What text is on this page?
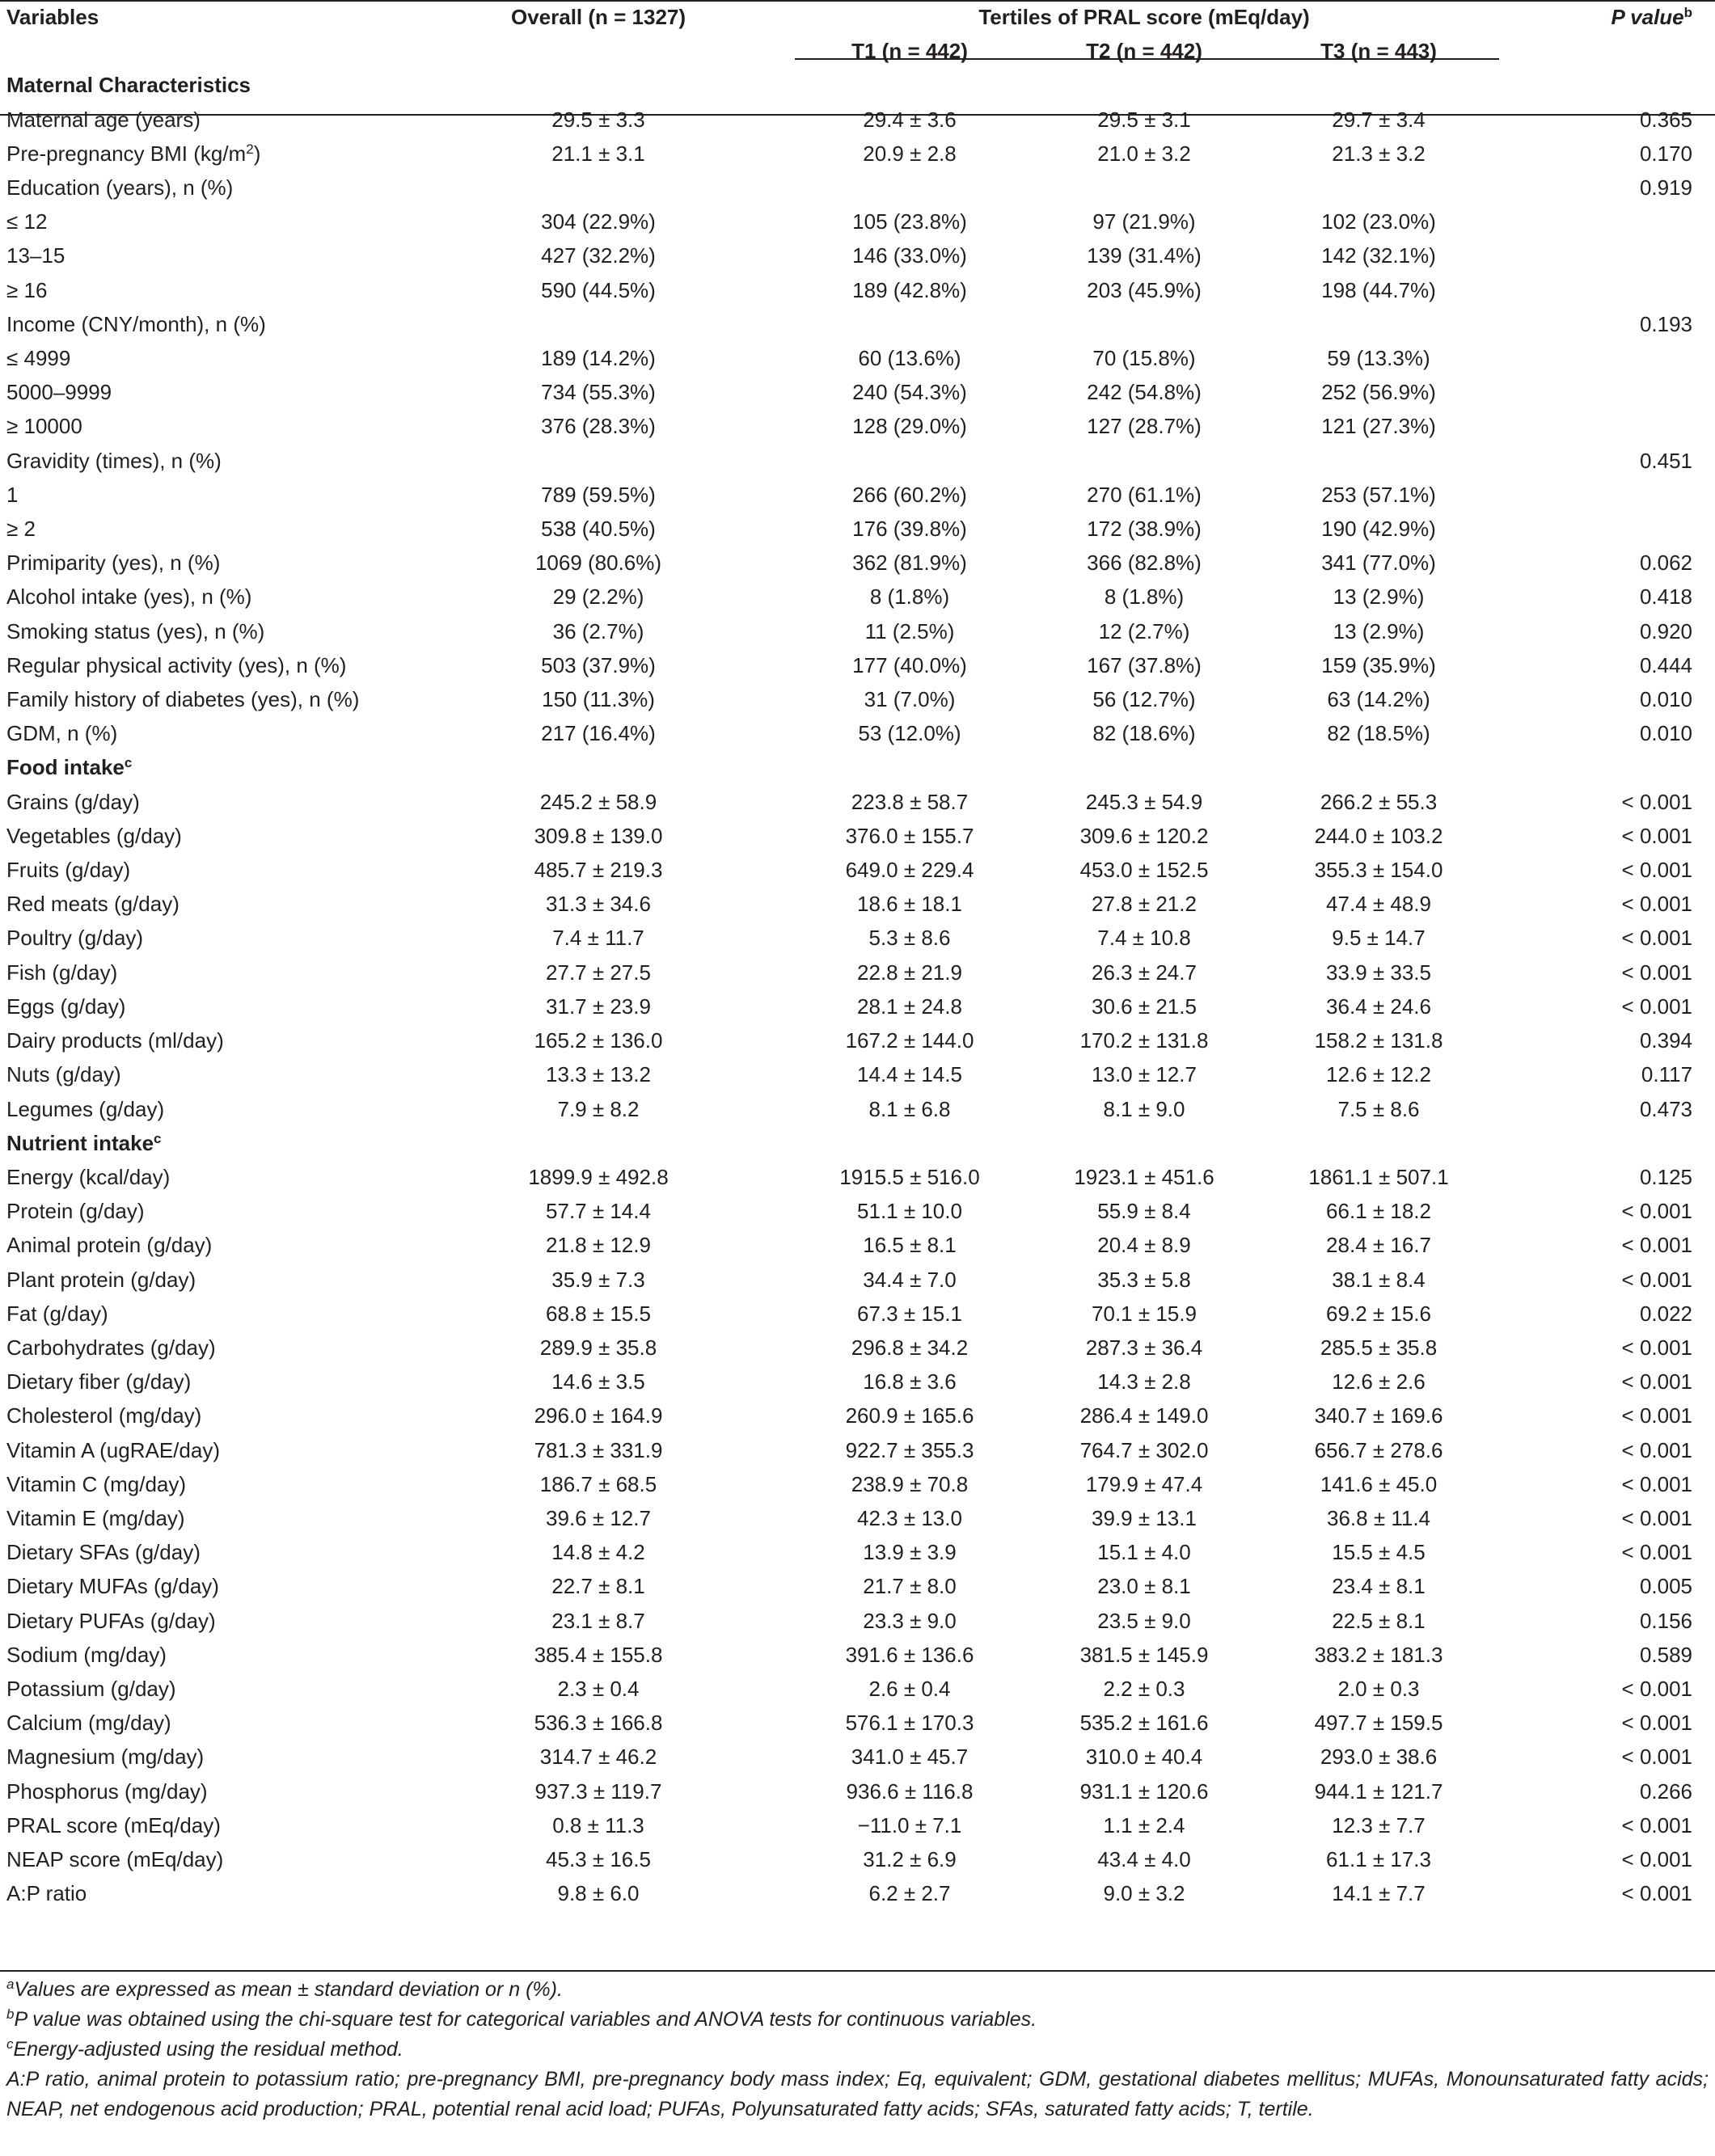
Variables	Overall (n = 1327)	Tertiles of PRAL score (mEq/day)			P value$^b$
		T1 (n = 442)	T2 (n = 442)	T3 (n = 443)	
Maternal Characteristics					
Maternal age (years)	29.5 ± 3.3	29.4 ± 3.6	29.5 ± 3.1	29.7 ± 3.4	0.365
Pre-pregnancy BMI $(kg/m^2)$	21.1 ± 3.1	20.9 ± 2.8	21.0 ± 3.2	21.3 ± 3.2	0.170
Education (years), n (%)					0.919
≤ 12	304 (22.9%)	105 (23.8%)	97 (21.9%)	102 (23.0%)	
13–15	427 (32.2%)	146 (33.0%)	139 (31.4%)	142 (32.1%)	
≥ 16	590 (44.5%)	189 (42.8%)	203 (45.9%)	198 (44.7%)	
Income (CNY/month), n (%)					0.193
≤ 4999	189 (14.2%)	60 (13.6%)	70 (15.8%)	59 (13.3%)	
5000–9999	734 (55.3%)	240 (54.3%)	242 (54.8%)	252 (56.9%)	
≥ 10000	376 (28.3%)	128 (29.0%)	127 (28.7%)	121 (27.3%)	
Gravidity (times), n (%)					0.451
1	789 (59.5%)	266 (60.2%)	270 (61.1%)	253 (57.1%)	
≥ 2	538 (40.5%)	176 (39.8%)	172 (38.9%)	190 (42.9%)	
Primiparity (yes), n (%)	1069 (80.6%)	362 (81.9%)	366 (82.8%)	341 (77.0%)	0.062
Alcohol intake (yes), n (%)	29 (2.2%)	8 (1.8%)	8 (1.8%)	13 (2.9%)	0.418
Smoking status (yes), n (%)	36 (2.7%)	11 (2.5%)	12 (2.7%)	13 (2.9%)	0.920
Regular physical activity (yes), n (%)	503 (37.9%)	177 (40.0%)	167 (37.8%)	159 (35.9%)	0.444
Family history of diabetes (yes), n (%)	150 (11.3%)	31 (7.0%)	56 (12.7%)	63 (14.2%)	0.010
GDM, n (%)	217 (16.4%)	53 (12.0%)	82 (18.6%)	82 (18.5%)	0.010
Food intake$^c$
Grains (g/day)	245.2 ± 58.9	223.8 ± 58.7	245.3 ± 54.9	266.2 ± 55.3	< 0.001
Vegetables (g/day)	309.8 ± 139.0	376.0 ± 155.7	309.6 ± 120.2	244.0 ± 103.2	< 0.001
Fruits (g/day)	485.7 ± 219.3	649.0 ± 229.4	453.0 ± 152.5	355.3 ± 154.0	< 0.001
Red meats (g/day)	31.3 ± 34.6	18.6 ± 18.1	27.8 ± 21.2	47.4 ± 48.9	< 0.001
Poultry (g/day)	7.4 ± 11.7	5.3 ± 8.6	7.4 ± 10.8	9.5 ± 14.7	< 0.001
Fish (g/day)	27.7 ± 27.5	22.8 ± 21.9	26.3 ± 24.7	33.9 ± 33.5	< 0.001
Eggs (g/day)	31.7 ± 23.9	28.1 ± 24.8	30.6 ± 21.5	36.4 ± 24.6	< 0.001
Dairy products (ml/day)	165.2 ± 136.0	167.2 ± 144.0	170.2 ± 131.8	158.2 ± 131.8	0.394
Nuts (g/day)	13.3 ± 13.2	14.4 ± 14.5	13.0 ± 12.7	12.6 ± 12.2	0.117
Legumes (g/day)	7.9 ± 8.2	8.1 ± 6.8	8.1 ± 9.0	7.5 ± 8.6	0.473
Nutrient intake$^c$
Energy (kcal/day)	1899.9 ± 492.8	1915.5 ± 516.0	1923.1 ± 451.6	1861.1 ± 507.1	0.125
Protein (g/day)	57.7 ± 14.4	51.1 ± 10.0	55.9 ± 8.4	66.1 ± 18.2	< 0.001
Animal protein (g/day)	21.8 ± 12.9	16.5 ± 8.1	20.4 ± 8.9	28.4 ± 16.7	< 0.001
Plant protein (g/day)	35.9 ± 7.3	34.4 ± 7.0	35.3 ± 5.8	38.1 ± 8.4	< 0.001
Fat (g/day)	68.8 ± 15.5	67.3 ± 15.1	70.1 ± 15.9	69.2 ± 15.6	0.022
Carbohydrates (g/day)	289.9 ± 35.8	296.8 ± 34.2	287.3 ± 36.4	285.5 ± 35.8	< 0.001
Dietary fiber (g/day)	14.6 ± 3.5	16.8 ± 3.6	14.3 ± 2.8	12.6 ± 2.6	< 0.001
Cholesterol (mg/day)	296.0 ± 164.9	260.9 ± 165.6	286.4 ± 149.0	340.7 ± 169.6	< 0.001
Vitamin A (ugRAE/day)	781.3 ± 331.9	922.7 ± 355.3	764.7 ± 302.0	656.7 ± 278.6	< 0.001
Vitamin C (mg/day)	186.7 ± 68.5	238.9 ± 70.8	179.9 ± 47.4	141.6 ± 45.0	< 0.001
Vitamin E (mg/day)	39.6 ± 12.7	42.3 ± 13.0	39.9 ± 13.1	36.8 ± 11.4	< 0.001
Dietary SFAs (g/day)	14.8 ± 4.2	13.9 ± 3.9	15.1 ± 4.0	15.5 ± 4.5	< 0.001
Dietary MUFAs (g/day)	22.7 ± 8.1	21.7 ± 8.0	23.0 ± 8.1	23.4 ± 8.1	0.005
Dietary PUFAs (g/day)	23.1 ± 8.7	23.3 ± 9.0	23.5 ± 9.0	22.5 ± 8.1	0.156
Sodium (mg/day)	385.4 ± 155.8	391.6 ± 136.6	381.5 ± 145.9	383.2 ± 181.3	0.589
Potassium (g/day)	2.3 ± 0.4	2.6 ± 0.4	2.2 ± 0.3	2.0 ± 0.3	< 0.001
Calcium (mg/day)	536.3 ± 166.8	576.1 ± 170.3	535.2 ± 161.6	497.7 ± 159.5	< 0.001
Magnesium (mg/day)	314.7 ± 46.2	341.0 ± 45.7	310.0 ± 40.4	293.0 ± 38.6	< 0.001
Phosphorus (mg/day)	937.3 ± 119.7	936.6 ± 116.8	931.1 ± 120.6	944.1 ± 121.7	0.266
PRAL score (mEq/day)	0.8 ± 11.3	−11.0 ± 7.1	1.1 ± 2.4	12.3 ± 7.7	< 0.001
NEAP score (mEq/day)	45.3 ± 16.5	31.2 ± 6.9	43.4 ± 4.0	61.1 ± 17.3	< 0.001
A:P ratio	9.8 ± 6.0	6.2 ± 2.7	9.0 ± 3.2	14.1 ± 7.7	< 0.001

$^a$Values are expressed as mean ± standard deviation or n (%).

$^b$P value was obtained using the chi-square test for categorical variables and ANOVA tests for continuous variables.

$^c$Energy-adjusted using the residual method.

A:P ratio, animal protein to potassium ratio; pre-pregnancy BMI, pre-pregnancy body mass index; Eq, equivalent; GDM, gestational diabetes mellitus; MUFAs, Monounsaturated fatty acids; NEAP, net endogenous acid production; PRAL, potential renal acid load; PUFAs, Polyunsaturated fatty acids; SFAs, saturated fatty acids; T, tertile.
